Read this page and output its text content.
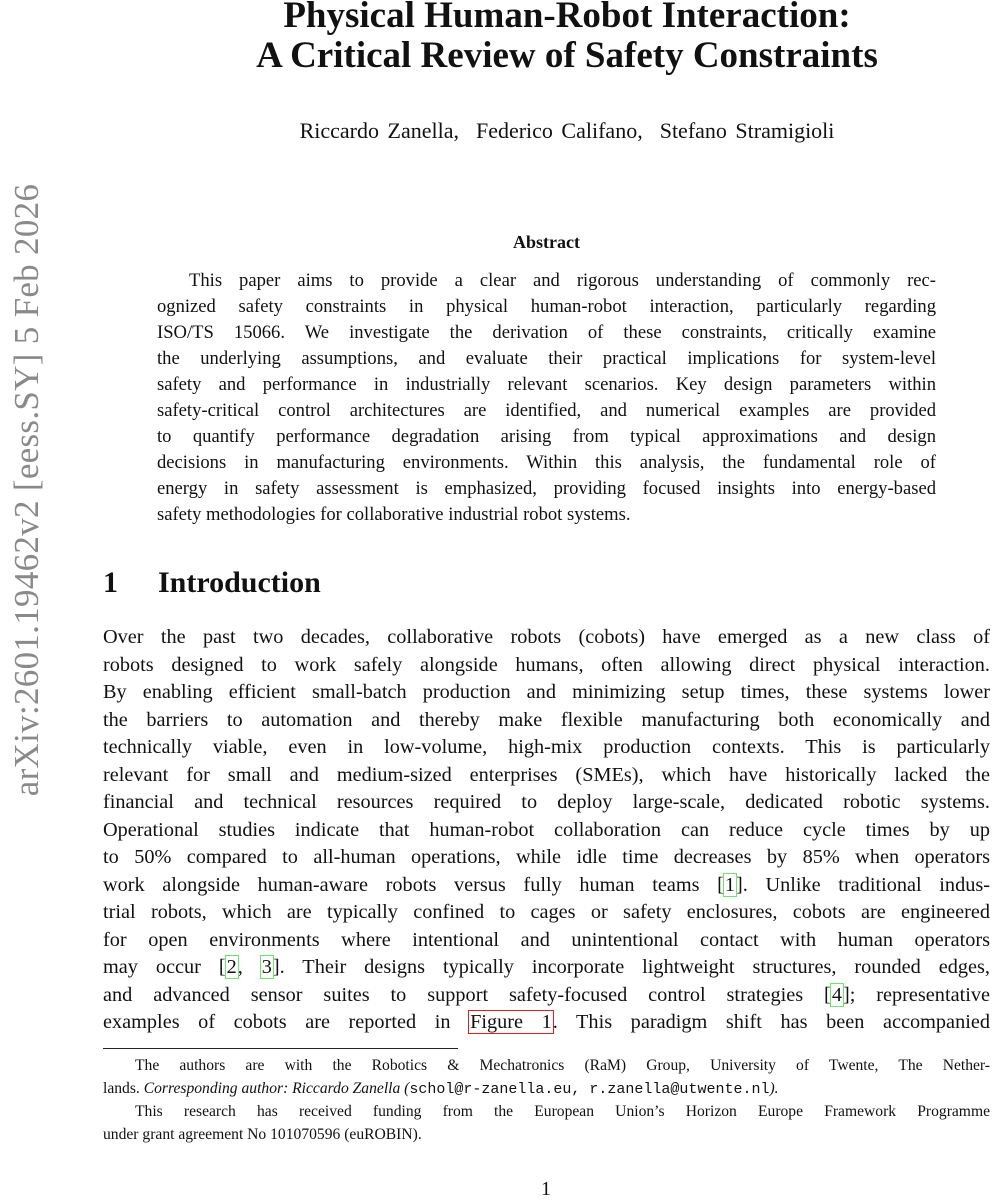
arXiv:2601.19462v2 [eess.SY] 5 Feb 2026
Physical Human-Robot Interaction:
A Critical Review of Safety Constraints
Riccardo Zanella, Federico Califano, Stefano Stramigioli
Abstract
This paper aims to provide a clear and rigorous understanding of commonly rec-
ognized safety constraints in physical human-robot interaction, particularly regarding
ISO/TS 15066. We investigate the derivation of these constraints, critically examine
the underlying assumptions, and evaluate their practical implications for system-level
safety and performance in industrially relevant scenarios. Key design parameters within
safety-critical control architectures are identified, and numerical examples are provided
to quantify performance degradation arising from typical approximations and design
decisions in manufacturing environments. Within this analysis, the fundamental role of
energy in safety assessment is emphasized, providing focused insights into energy-based
safety methodologies for collaborative industrial robot systems.
1 Introduction
Over the past two decades, collaborative robots (cobots) have emerged as a new class of
robots designed to work safely alongside humans, often allowing direct physical interaction.
By enabling efficient small-batch production and minimizing setup times, these systems lower
the barriers to automation and thereby make flexible manufacturing both economically and
technically viable, even in low-volume, high-mix production contexts. This is particularly
relevant for small and medium-sized enterprises (SMEs), which have historically lacked the
financial and technical resources required to deploy large-scale, dedicated robotic systems.
Operational studies indicate that human-robot collaboration can reduce cycle times by up
to 50% compared to all-human operations, while idle time decreases by 85% when operators
work alongside human-aware robots versus fully human teams [1]. Unlike traditional indus-
trial robots, which are typically confined to cages or safety enclosures, cobots are engineered
for open environments where intentional and unintentional contact with human operators
may occur [2, 3]. Their designs typically incorporate lightweight structures, rounded edges,
and advanced sensor suites to support safety-focused control strategies [4]; representative
examples of cobots are reported in Figure 1. This paradigm shift has been accompanied
The authors are with the Robotics & Mechatronics (RaM) Group, University of Twente, The Nether-
lands. Corresponding author: Riccardo Zanella (schol@r-zanella.eu, r.zanella@utwente.nl).
This research has received funding from the European Union’s Horizon Europe Framework Programme
under grant agreement No 101070596 (euROBIN).
1
